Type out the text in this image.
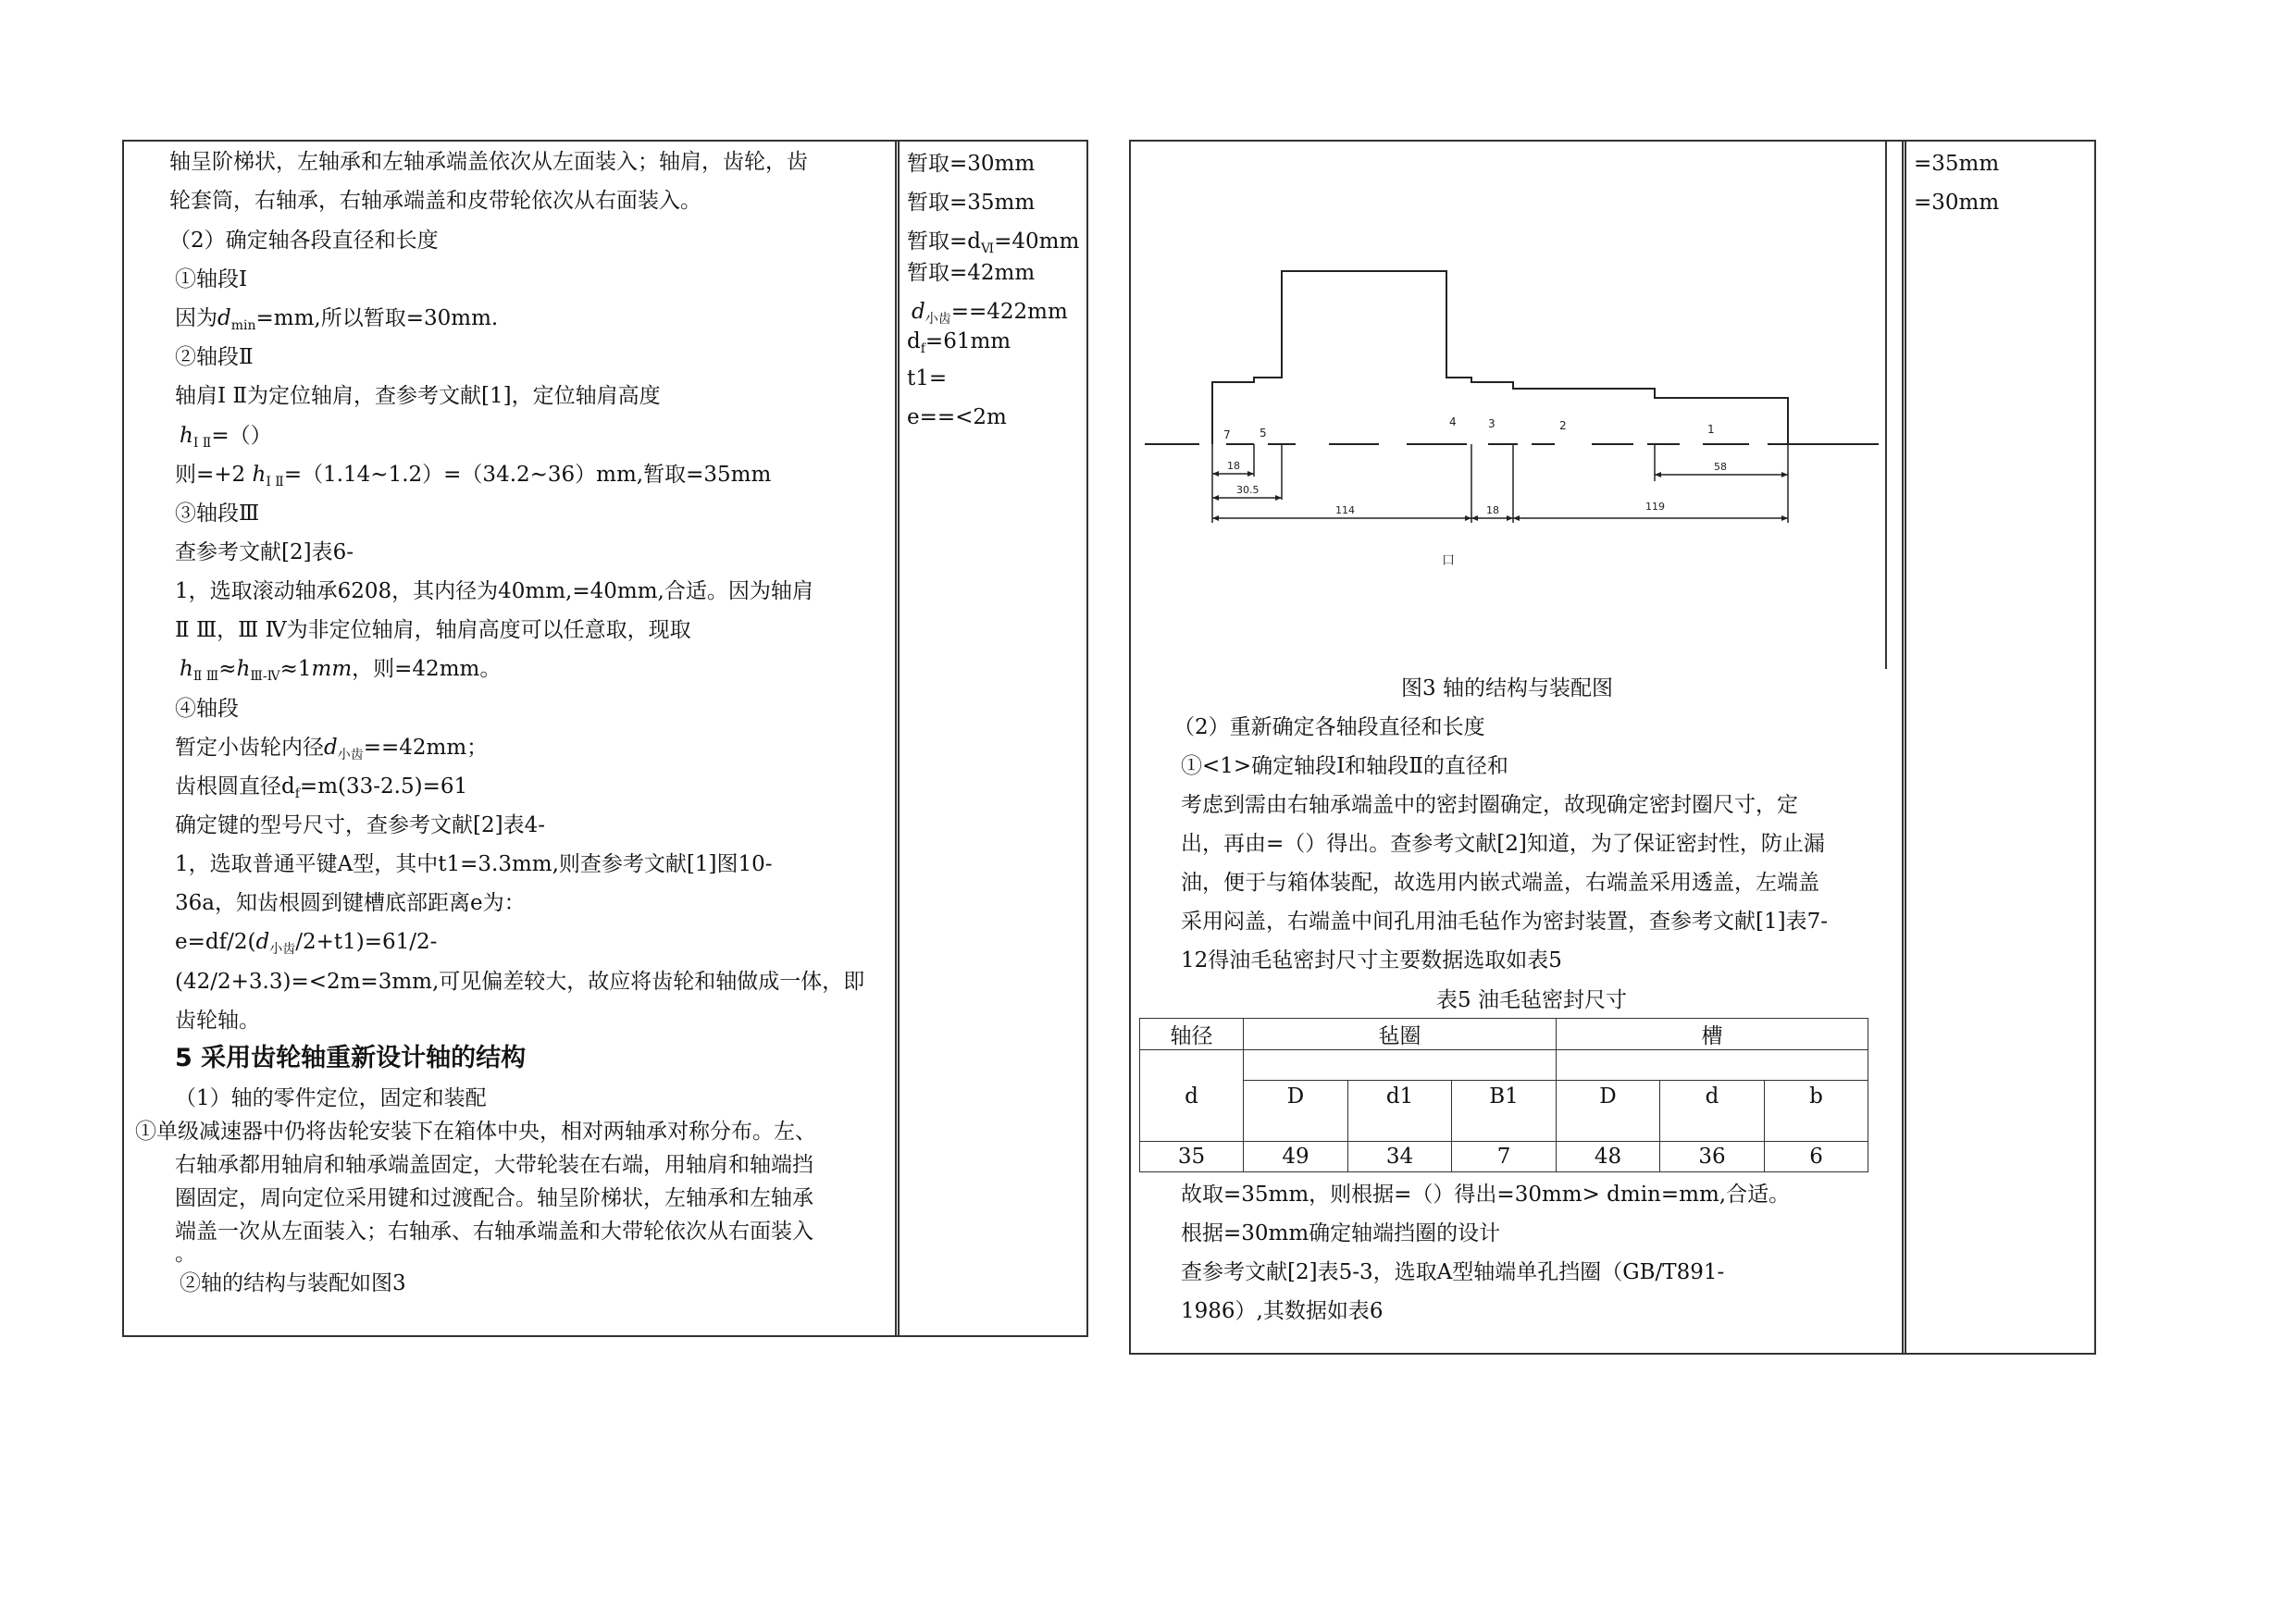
轴呈阶梯状，左轴承和左轴承端盖依次从左面装入；轴肩，齿轮，齿
轮套筒，右轴承，右轴承端盖和皮带轮依次从右面装入。
（2）确定轴各段直径和长度
①轴段Ⅰ
因为$d_{min}=mm$,所以暂取=30mm.
②轴段Ⅱ
轴肩Ⅰ Ⅱ为定位轴肩，查参考文献[1]，定位轴肩高度
$h_{Ⅰ Ⅱ}=()$
则=+2 $h_{Ⅰ Ⅱ}=(1.14\sim 1.2)=(34.2\sim 36)mm$,暂取=35mm
③轴段Ⅲ
查参考文献[2]表6-
1，选取滚动轴承6208，其内径为40mm,=40mm,合适。因为轴肩
Ⅱ Ⅲ，Ⅲ Ⅳ为非定位轴肩，轴肩高度可以任意取，现取
$h_{Ⅱ Ⅲ}\approx h_{Ⅲ-Ⅳ}\approx 1mm$，则=42mm。
④轴段
暂定小齿轮内径$d_{小齿}==42mm$；
齿根圆直径$d_f=m(33-2.5)=61$
确定键的型号尺寸，查参考文献[2]表4-
1，选取普通平键A型，其中t1=3.3mm,则查参考文献[1]图10-
36a，知齿根圆到键槽底部距离e为：
$e=df/2(d_{小齿}/2+t1)=61/2-$
(42/2+3.3)=<2m=3mm,可见偏差较大，故应将齿轮和轴做成一体，即
齿轮轴。
5 采用齿轮轴重新设计轴的结构
（1）轴的零件定位，固定和装配
①单级减速器中仍将齿轮安装下在箱体中央，相对两轴承对称分布。左、
右轴承都用轴肩和轴承端盖固定，大带轮装在右端，用轴肩和轴端挡
圈固定，周向定位采用键和过渡配合。轴呈阶梯状，左轴承和左轴承
端盖一次从左面装入；右轴承、右轴承端盖和大带轮依次从右面装入
。
②轴的结构与装配如图3
暂取=30mm
暂取=35mm
暂取$=d_Ⅵ=40mm$
暂取=42mm
$d_{小齿}==422mm$
$d_f=61mm$
t1=
e==<2m
=35mm
=30mm
7	5
4	3	2	1
18
30.5
114	18	119
58
口
图3 轴的结构与装配图
（2）重新确定各轴段直径和长度
①<1>确定轴段Ⅰ和轴段Ⅱ的直径和
考虑到需由右轴承端盖中的密封圈确定，故现确定密封圈尺寸，定
出，再由=（）得出。查参考文献[2]知道，为了保证密封性，防止漏
油，便于与箱体装配，故选用内嵌式端盖，右端盖采用透盖，左端盖
采用闷盖，右端盖中间孔用油毛毡作为密封装置，查参考文献[1]表7-
12得油毛毡密封尺寸主要数据选取如表5
表5 油毛毡密封尺寸
轴径	毡圈			槽		

d	D	d1	B1	D	d	b
35	49	34	7	48	36	6
故取=35mm，则根据=（）得出=30mm> dmin=mm,合适。
根据=30mm确定轴端挡圈的设计
查参考文献[2]表5-3，选取A型轴端单孔挡圈（GB/T891-
1986）,其数据如表6
